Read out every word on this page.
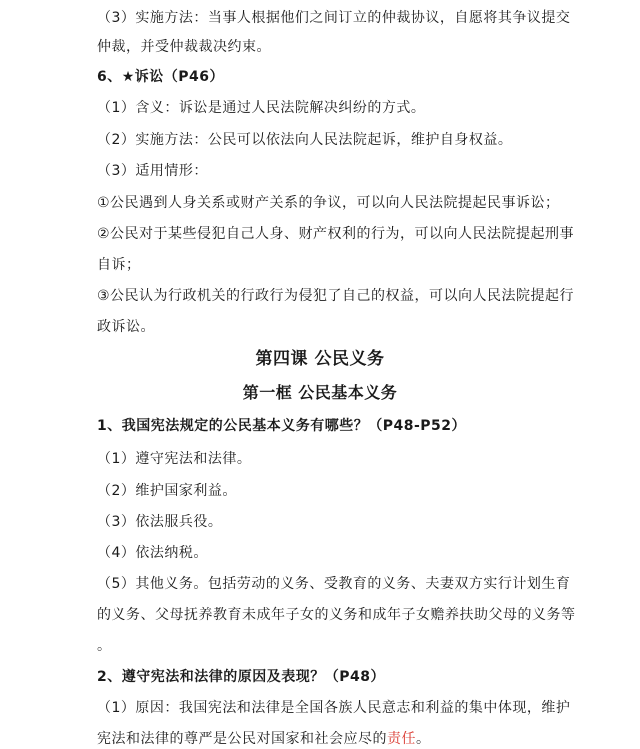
（3）实施方法：当事人根据他们之间订立的仲裁协议，自愿将其争议提交
仲裁，并受仲裁裁决约束。
6、★诉讼（P46）
（1）含义：诉讼是通过人民法院解决纠纷的方式。
（2）实施方法：公民可以依法向人民法院起诉，维护自身权益。
（3）适用情形：
①公民遇到人身关系或财产关系的争议，可以向人民法院提起民事诉讼；
②公民对于某些侵犯自己人身、财产权利的行为，可以向人民法院提起刑事
自诉；
③公民认为行政机关的行政行为侵犯了自己的权益，可以向人民法院提起行
政诉讼。
第四课 公民义务
第一框 公民基本义务
1、我国宪法规定的公民基本义务有哪些？（P48-P52）
（1）遵守宪法和法律。
（2）维护国家利益。
（3）依法服兵役。
（4）依法纳税。
（5）其他义务。包括劳动的义务、受教育的义务、夫妻双方实行计划生育
的义务、父母抚养教育未成年子女的义务和成年子女赡养扶助父母的义务等
。
2、遵守宪法和法律的原因及表现？（P48）
（1）原因：我国宪法和法律是全国各族人民意志和利益的集中体现，维护
宪法和法律的尊严是公民对国家和社会应尽的责任。
